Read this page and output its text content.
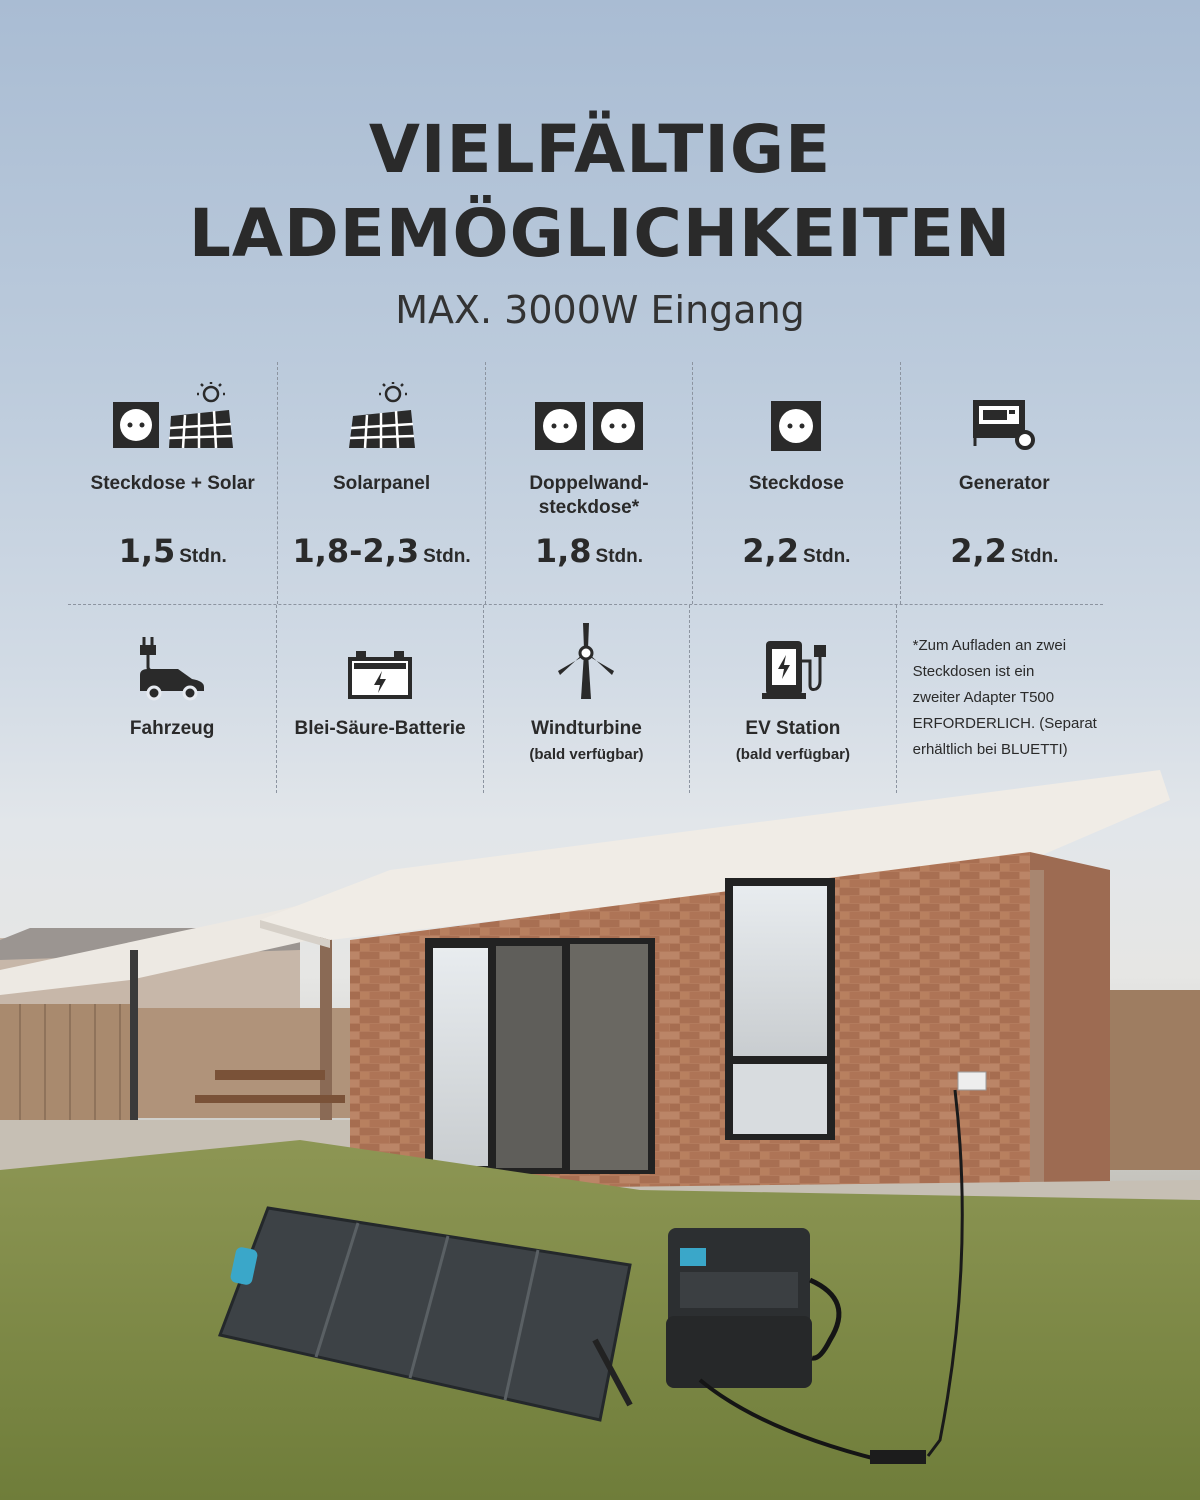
VIELFÄLTIGE
LADEMÖGLICHKEITEN
MAX. 3000W Eingang
Steckdose + Solar
1,5 Stdn.
Solarpanel
1,8-2,3 Stdn.
Doppelwand-
steckdose*
1,8 Stdn.
Steckdose
2,2 Stdn.
Generator
2,2 Stdn.
Fahrzeug	Blei-Säure-Batterie	Windturbine
(bald verfügbar)
EV Station
(bald verfügbar)
*Zum Aufladen an zwei
Steckdosen ist ein
zweiter Adapter T500
ERFORDERLICH. (Separat
erhältlich bei BLUETTI)
